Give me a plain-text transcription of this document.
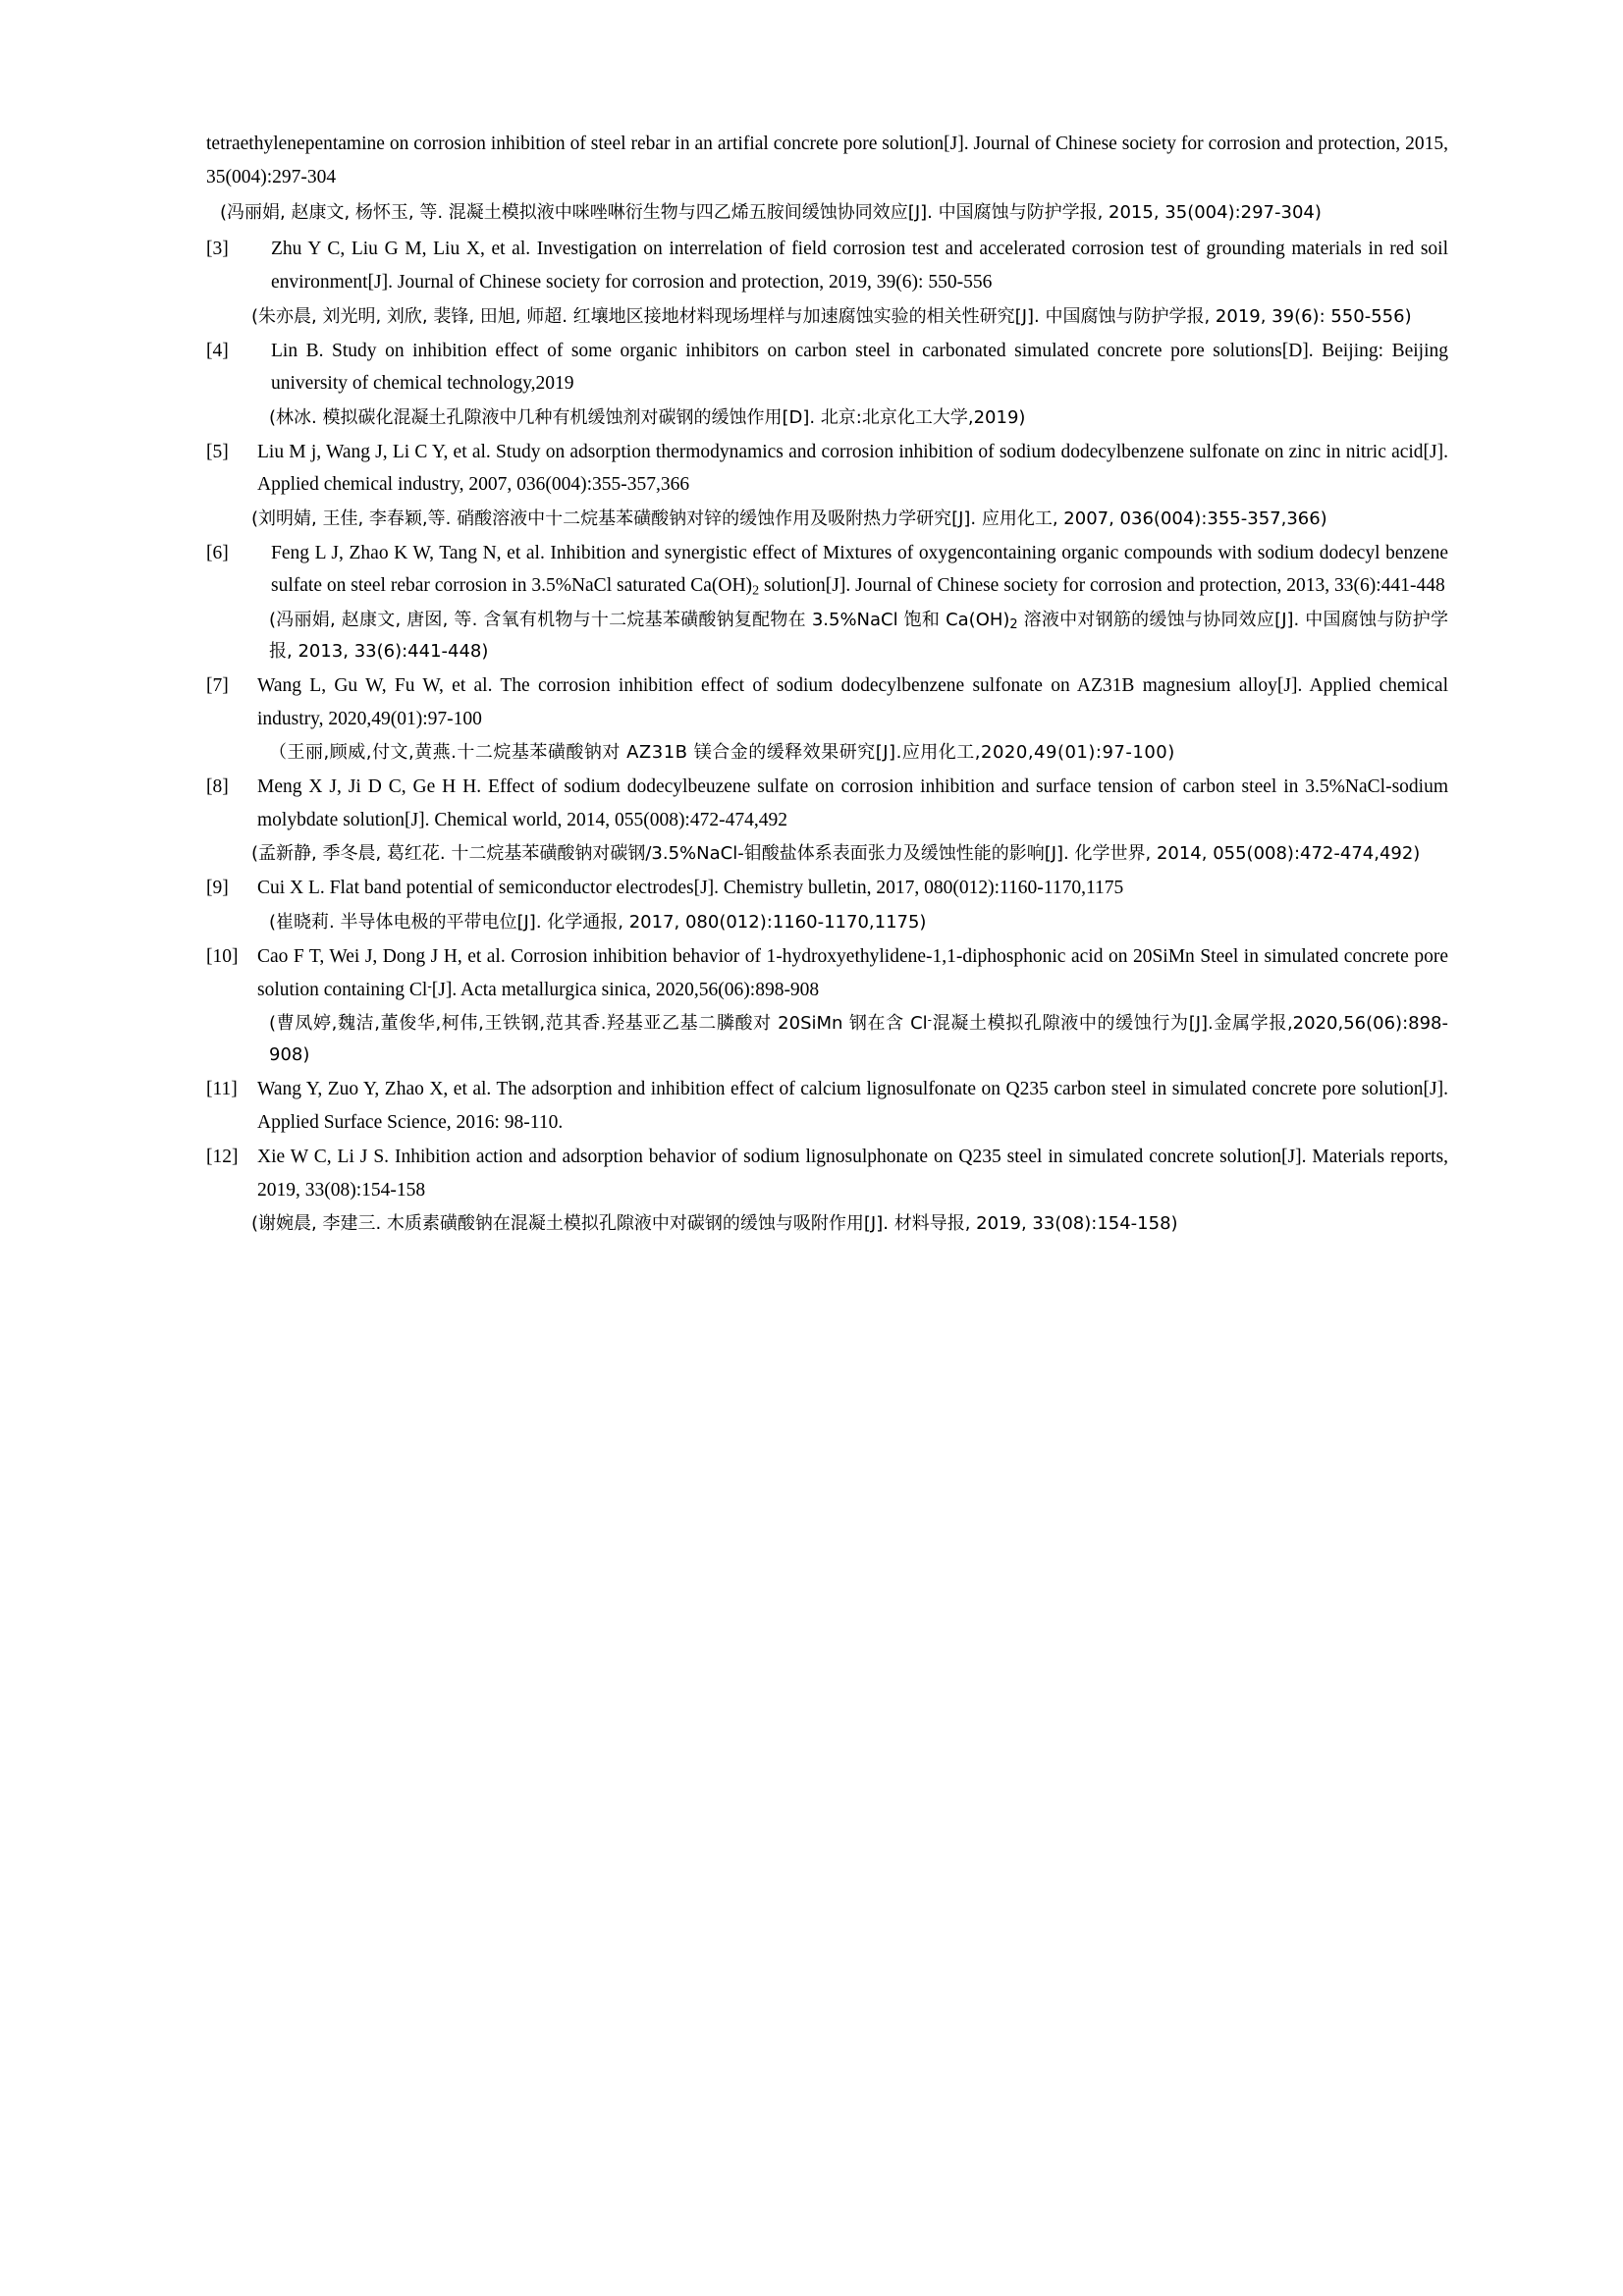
tetraethylenepentamine on corrosion inhibition of steel rebar in an artifial concrete pore solution[J]. Journal of Chinese society for corrosion and protection, 2015, 35(004):297-304

(冯丽娟, 赵康文, 杨怀玉, 等. 混凝土模拟液中咪唑啉衍生物与四乙烯五胺间缓蚀协同效应[J]. 中国腐蚀与防护学报, 2015, 35(004):297-304)

[3]	Zhu Y C, Liu G M, Liu X, et al. Investigation on interrelation of field corrosion test and accelerated corrosion test of grounding materials in red soil environment[J]. Journal of Chinese society for corrosion and protection, 2019, 39(6): 550-556

(朱亦晨, 刘光明, 刘欣, 裴锋, 田旭, 师超. 红壤地区接地材料现场埋样与加速腐蚀实验的相关性研究[J]. 中国腐蚀与防护学报, 2019, 39(6): 550-556)

[4]	Lin B. Study on inhibition effect of some organic inhibitors on carbon steel in carbonated simulated concrete pore solutions[D]. Beijing: Beijing university of chemical technology,2019

(林冰. 模拟碳化混凝土孔隙液中几种有机缓蚀剂对碳钢的缓蚀作用[D]. 北京:北京化工大学,2019)

[5]	Liu M j, Wang J, Li C Y, et al. Study on adsorption thermodynamics and corrosion inhibition of sodium dodecylbenzene sulfonate on zinc in nitric acid[J]. Applied chemical industry, 2007, 036(004):355-357,366

(刘明婧, 王佳, 李春颖,等. 硝酸溶液中十二烷基苯磺酸钠对锌的缓蚀作用及吸附热力学研究[J]. 应用化工, 2007, 036(004):355-357,366)

[6]	Feng L J, Zhao K W, Tang N, et al. Inhibition and synergistic effect of Mixtures of oxygencontaining organic compounds with sodium dodecyl benzene sulfate on steel rebar corrosion in 3.5%NaCl saturated $Ca(OH)_2$ solution[J]. Journal of Chinese society for corrosion and protection, 2013, 33(6):441-448

(冯丽娟, 赵康文, 唐囡, 等. 含氧有机物与十二烷基苯磺酸钠复配物在 3.5%NaCl 饱和 $Ca(OH)_2$ 溶液中对钢筋的缓蚀与协同效应[J]. 中国腐蚀与防护学报, 2013, 33(6):441-448)

[7]	Wang L, Gu W, Fu W, et al. The corrosion inhibition effect of sodium dodecylbenzene sulfonate on AZ31B magnesium alloy[J]. Applied chemical industry, 2020,49(01):97-100

（王丽,顾威,付文,黄燕.十二烷基苯磺酸钠对 AZ31B 镁合金的缓释效果研究[J].应用化工,2020,49(01):97-100)

[8]	Meng X J, Ji D C, Ge H H. Effect of sodium dodecylbeuzene sulfate on corrosion inhibition and surface tension of carbon steel in 3.5%NaCl-sodium molybdate solution[J]. Chemical world, 2014, 055(008):472-474,492

(孟新静, 季冬晨, 葛红花. 十二烷基苯磺酸钠对碳钢/3.5%NaCl-钼酸盐体系表面张力及缓蚀性能的影响[J]. 化学世界, 2014, 055(008):472-474,492)

[9]	Cui X L. Flat band potential of semiconductor electrodes[J]. Chemistry bulletin, 2017, 080(012):1160-1170,1175

(崔晓莉. 半导体电极的平带电位[J]. 化学通报, 2017, 080(012):1160-1170,1175)

[10]	Cao F T, Wei J, Dong J H, et al. Corrosion inhibition behavior of 1-hydroxyethylidene-1,1-diphosphonic acid on 20SiMn Steel in simulated concrete pore solution containing Cl-[J]. Acta metallurgica sinica, 2020,56(06):898-908

(曹凤婷,魏洁,董俊华,柯伟,王铁钢,范其香.羟基亚乙基二膦酸对 20SiMn 钢在含 Cl-混凝土模拟孔隙液中的缓蚀行为[J].金属学报,2020,56(06):898-908)

[11]	Wang Y, Zuo Y, Zhao X, et al. The adsorption and inhibition effect of calcium lignosulfonate on Q235 carbon steel in simulated concrete pore solution[J]. Applied Surface Science, 2016: 98-110.

[12]	Xie W C, Li J S. Inhibition action and adsorption behavior of sodium lignosulphonate on Q235 steel in simulated concrete solution[J]. Materials reports, 2019, 33(08):154-158

(谢婉晨, 李建三. 木质素磺酸钠在混凝土模拟孔隙液中对碳钢的缓蚀与吸附作用[J]. 材料导报, 2019, 33(08):154-158)
